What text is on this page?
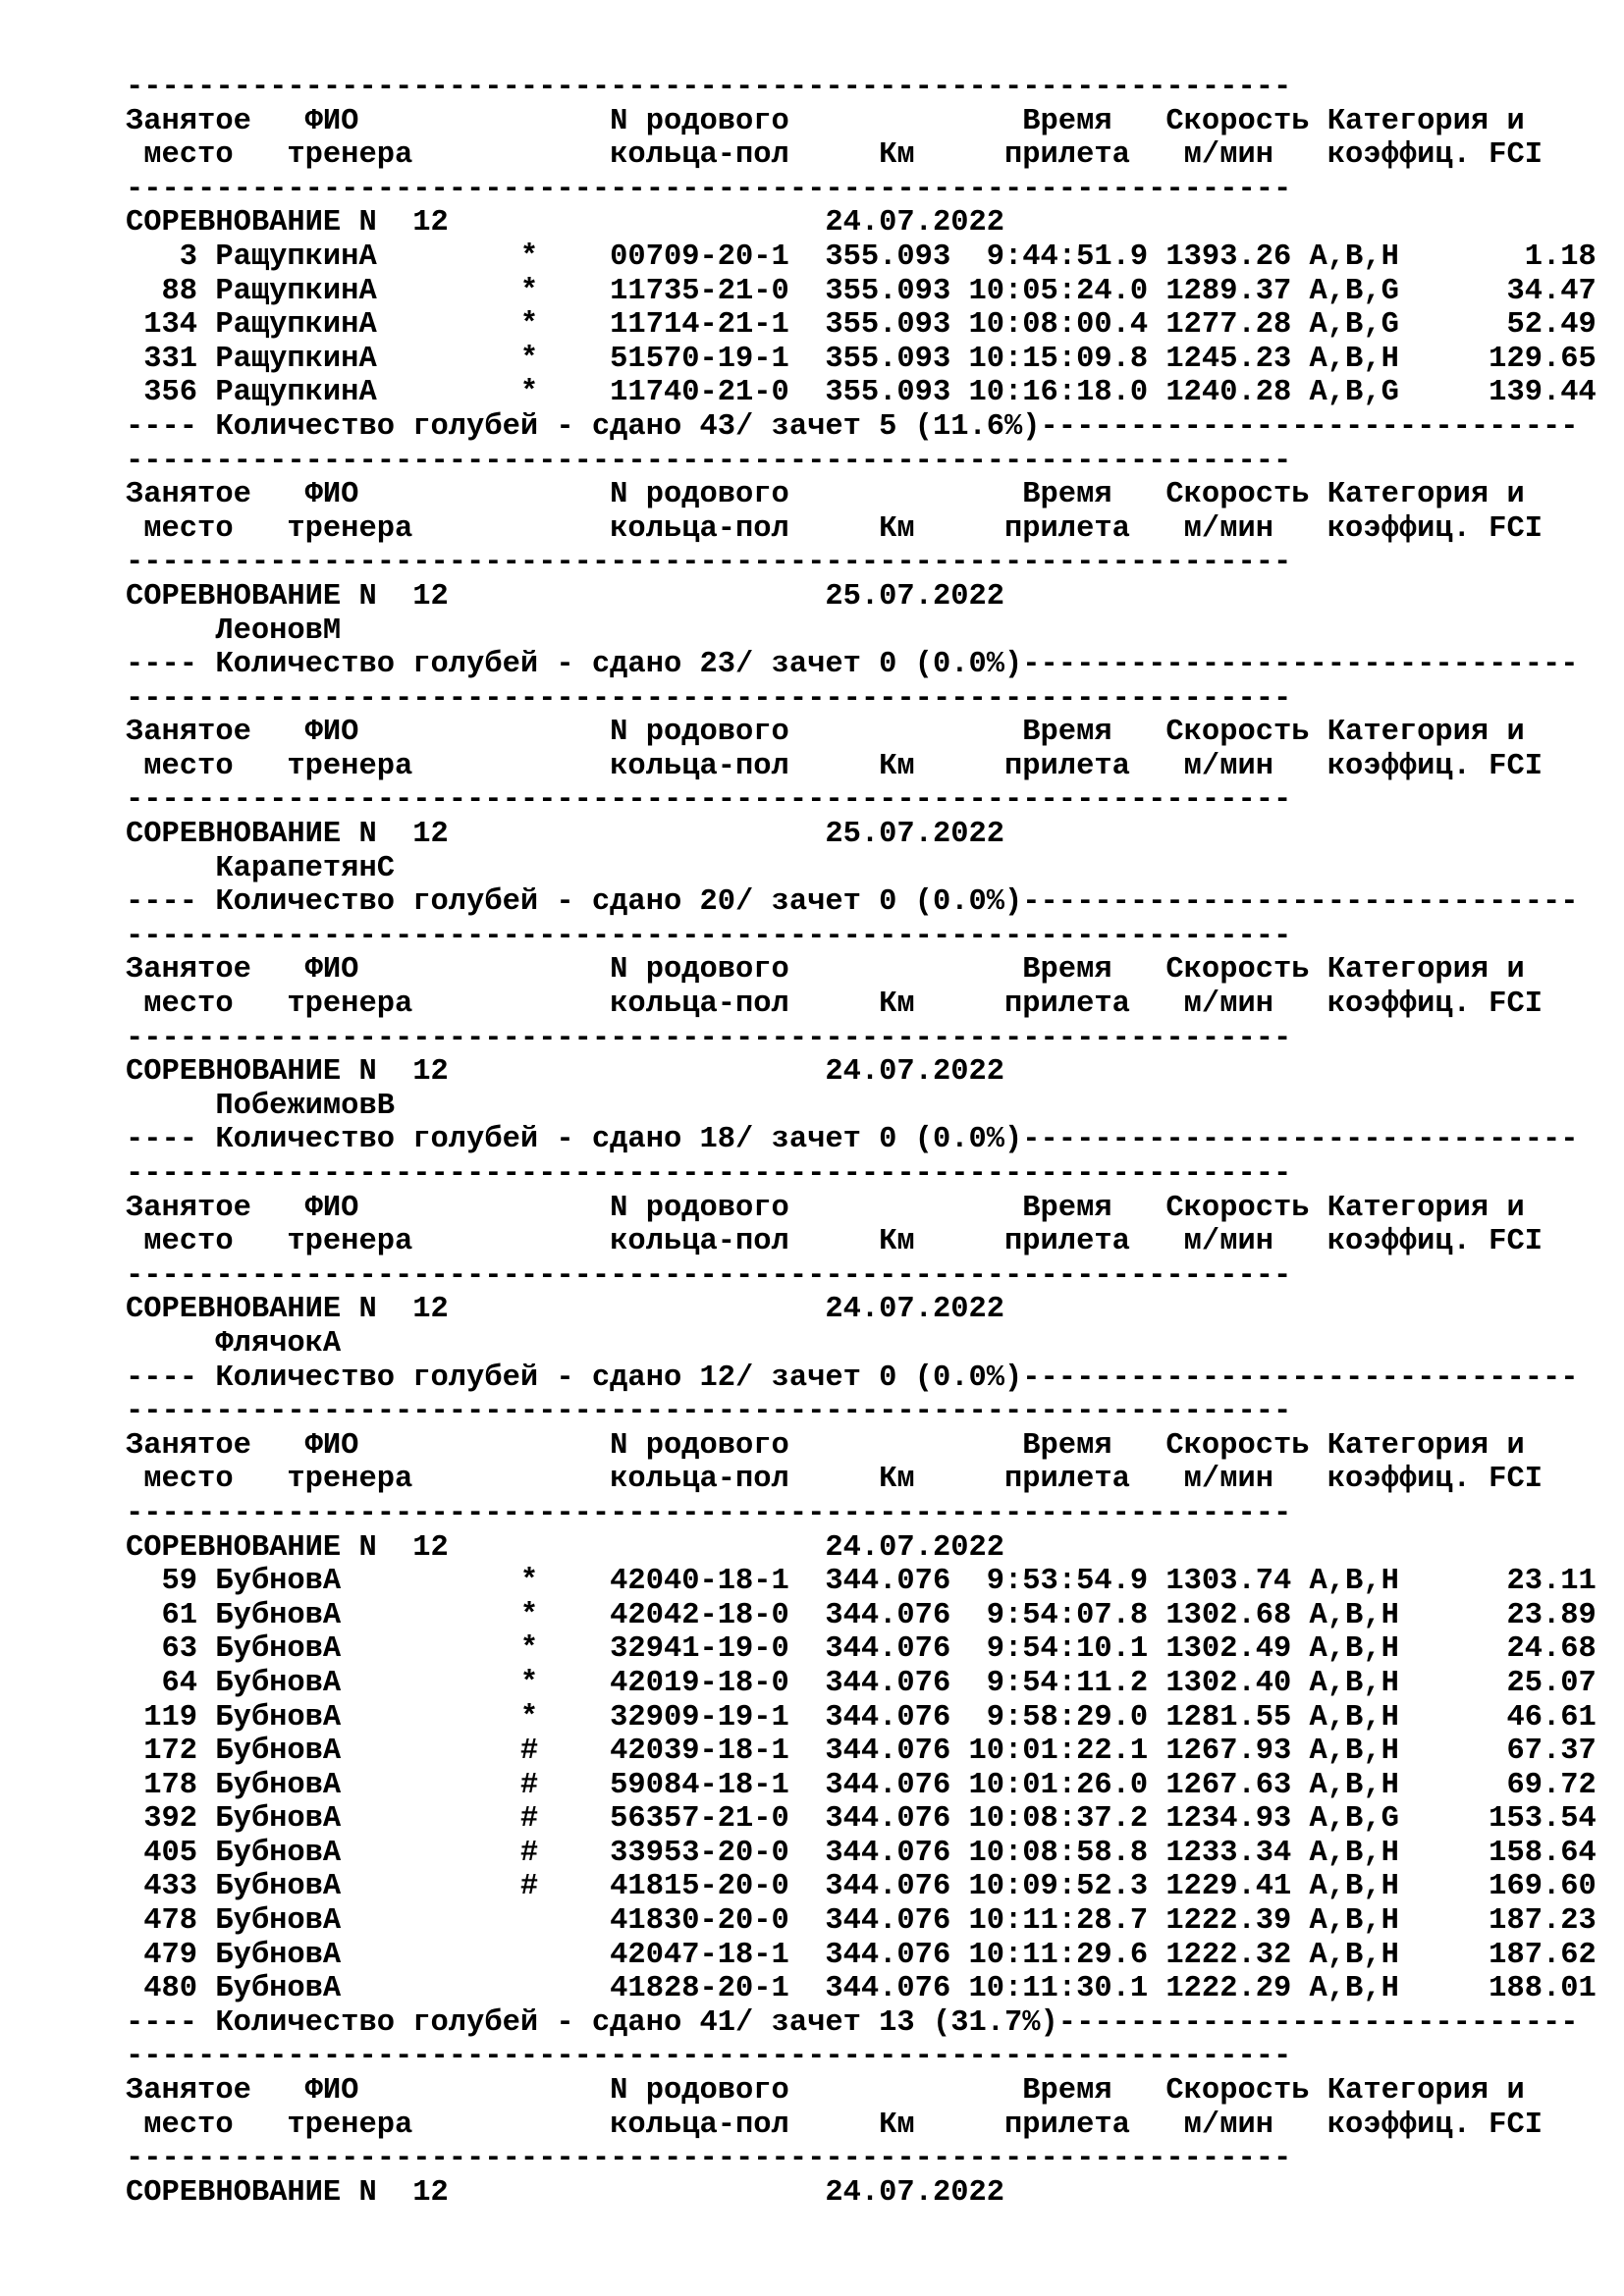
-----------------------------------------------------------------
Занятое   ФИО              N родового             Время   Скорость Категория и
место   тренера           кольца-пол     Км     прилета   м/мин   коэффиц. FCI
-----------------------------------------------------------------
СОРЕВНОВАНИЕ N  12                     24.07.2022
3 РащупкинА        *    00709-20-1  355.093  9:44:51.9 1393.26 A,B,H       1.18
88 РащупкинА        *    11735-21-0  355.093 10:05:24.0 1289.37 A,B,G      34.47
134 РащупкинА        *    11714-21-1  355.093 10:08:00.4 1277.28 A,B,G      52.49
331 РащупкинА        *    51570-19-1  355.093 10:15:09.8 1245.23 A,B,H     129.65
356 РащупкинА        *    11740-21-0  355.093 10:16:18.0 1240.28 A,B,G     139.44
---- Количество голубей - сдано 43/ зачет 5 (11.6%)------------------------------
-----------------------------------------------------------------
Занятое   ФИО              N родового             Время   Скорость Категория и
место   тренера           кольца-пол     Км     прилета   м/мин   коэффиц. FCI
-----------------------------------------------------------------
СОРЕВНОВАНИЕ N  12                     25.07.2022
ЛеоновМ
---- Количество голубей - сдано 23/ зачет 0 (0.0%)-------------------------------
-----------------------------------------------------------------
Занятое   ФИО              N родового             Время   Скорость Категория и
место   тренера           кольца-пол     Км     прилета   м/мин   коэффиц. FCI
-----------------------------------------------------------------
СОРЕВНОВАНИЕ N  12                     25.07.2022
КарапетянС
---- Количество голубей - сдано 20/ зачет 0 (0.0%)-------------------------------
-----------------------------------------------------------------
Занятое   ФИО              N родового             Время   Скорость Категория и
место   тренера           кольца-пол     Км     прилета   м/мин   коэффиц. FCI
-----------------------------------------------------------------
СОРЕВНОВАНИЕ N  12                     24.07.2022
ПобежимовВ
---- Количество голубей - сдано 18/ зачет 0 (0.0%)-------------------------------
-----------------------------------------------------------------
Занятое   ФИО              N родового             Время   Скорость Категория и
место   тренера           кольца-пол     Км     прилета   м/мин   коэффиц. FCI
-----------------------------------------------------------------
СОРЕВНОВАНИЕ N  12                     24.07.2022
ФлячокА
---- Количество голубей - сдано 12/ зачет 0 (0.0%)-------------------------------
-----------------------------------------------------------------
Занятое   ФИО              N родового             Время   Скорость Категория и
место   тренера           кольца-пол     Км     прилета   м/мин   коэффиц. FCI
-----------------------------------------------------------------
СОРЕВНОВАНИЕ N  12                     24.07.2022
59 БубновА          *    42040-18-1  344.076  9:53:54.9 1303.74 A,B,H      23.11
61 БубновА          *    42042-18-0  344.076  9:54:07.8 1302.68 A,B,H      23.89
63 БубновА          *    32941-19-0  344.076  9:54:10.1 1302.49 A,B,H      24.68
64 БубновА          *    42019-18-0  344.076  9:54:11.2 1302.40 A,B,H      25.07
119 БубновА          *    32909-19-1  344.076  9:58:29.0 1281.55 A,B,H      46.61
172 БубновА          #    42039-18-1  344.076 10:01:22.1 1267.93 A,B,H      67.37
178 БубновА          #    59084-18-1  344.076 10:01:26.0 1267.63 A,B,H      69.72
392 БубновА          #    56357-21-0  344.076 10:08:37.2 1234.93 A,B,G     153.54
405 БубновА          #    33953-20-0  344.076 10:08:58.8 1233.34 A,B,H     158.64
433 БубновА          #    41815-20-0  344.076 10:09:52.3 1229.41 A,B,H     169.60
478 БубновА               41830-20-0  344.076 10:11:28.7 1222.39 A,B,H     187.23
479 БубновА               42047-18-1  344.076 10:11:29.6 1222.32 A,B,H     187.62
480 БубновА               41828-20-1  344.076 10:11:30.1 1222.29 A,B,H     188.01
---- Количество голубей - сдано 41/ зачет 13 (31.7%)-----------------------------
-----------------------------------------------------------------
Занятое   ФИО              N родового             Время   Скорость Категория и
место   тренера           кольца-пол     Км     прилета   м/мин   коэффиц. FCI
-----------------------------------------------------------------
СОРЕВНОВАНИЕ N  12                     24.07.2022
